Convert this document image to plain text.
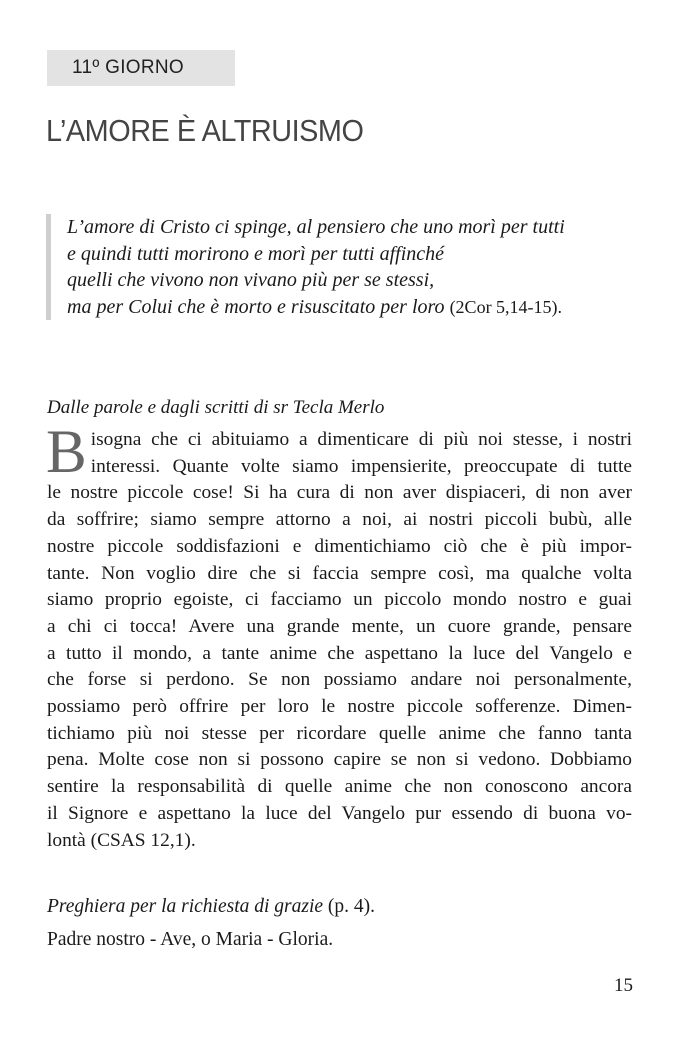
11º GIORNO
L’AMORE È ALTRUISMO
L’amore di Cristo ci spinge, al pensiero che uno morì per tutti
e quindi tutti morirono e morì per tutti affinché
quelli che vivono non vivano più per se stessi,
ma per Colui che è morto e risuscitato per loro (2Cor 5,14-15).
Dalle parole e dagli scritti di sr Tecla Merlo
B isogna che ci abituiamo a dimenticare di più noi stesse, i nostri
interessi. Quante volte siamo impensierite, preoccupate di tutte
le nostre piccole cose! Si ha cura di non aver dispiaceri, di non aver
da soffrire; siamo sempre attorno a noi, ai nostri piccoli bubù, alle
nostre piccole soddisfazioni e dimentichiamo ciò che è più impor-
tante. Non voglio dire che si faccia sempre così, ma qualche volta
siamo proprio egoiste, ci facciamo un piccolo mondo nostro e guai
a chi ci tocca! Avere una grande mente, un cuore grande, pensare
a tutto il mondo, a tante anime che aspettano la luce del Vangelo e
che forse si perdono. Se non possiamo andare noi personalmente,
possiamo però offrire per loro le nostre piccole sofferenze. Dimen-
tichiamo più noi stesse per ricordare quelle anime che fanno tanta
pena. Molte cose non si possono capire se non si vedono. Dobbiamo
sentire la responsabilità di quelle anime che non conoscono ancora
il Signore e aspettano la luce del Vangelo pur essendo di buona vo-
lontà (CSAS 12,1).
Preghiera per la richiesta di grazie (p. 4).
Padre nostro - Ave, o Maria - Gloria.
15
